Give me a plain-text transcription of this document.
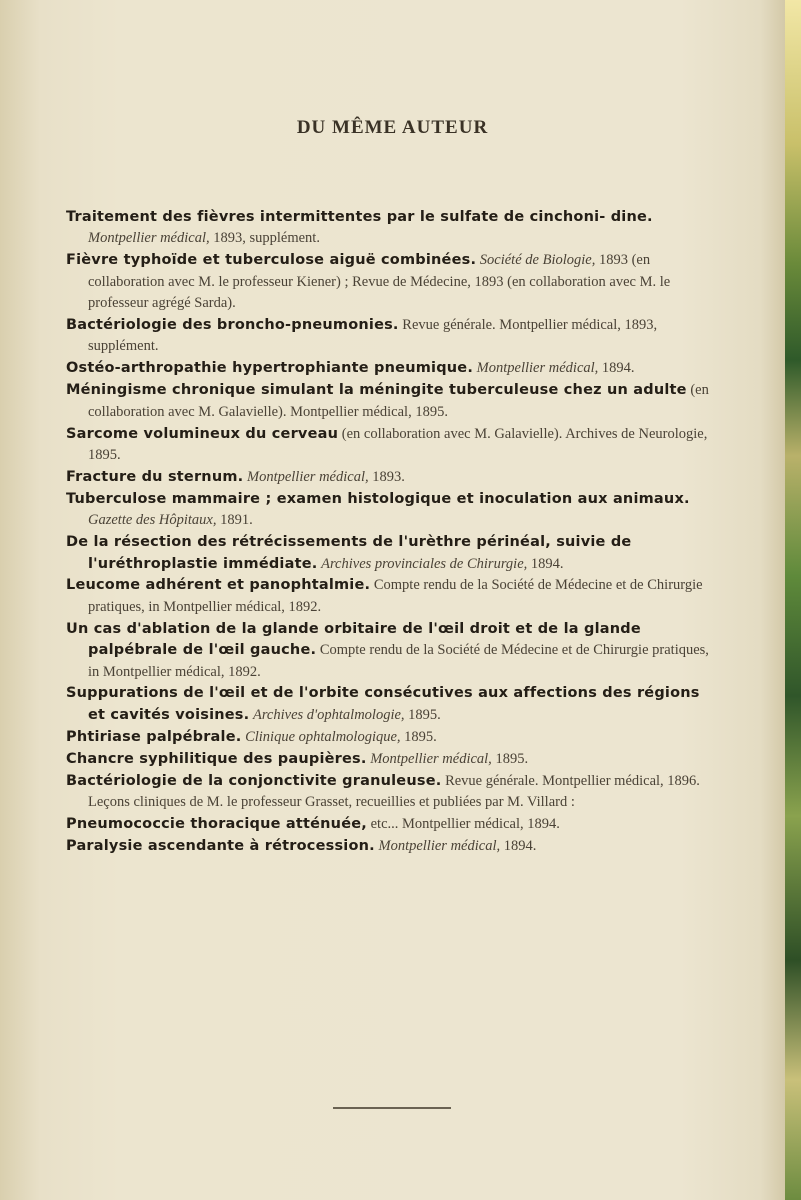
DU MÊME AUTEUR

Traitement des fièvres intermittentes par le sulfate de cinchoni- dine. Montpellier médical, 1893, supplément.

Fièvre typhoïde et tuberculose aiguë combinées. Société de Biologie, 1893 (en collaboration avec M. le professeur Kiener) ; Revue de Médecine, 1893 (en collaboration avec M. le professeur agrégé Sarda).

Bactériologie des broncho-pneumonies. Revue générale. Montpellier médical, 1893, supplément.

Ostéo-arthropathie hypertrophiante pneumique. Montpellier médical, 1894.

Méningisme chronique simulant la méningite tuberculeuse chez un adulte (en collaboration avec M. Galavielle). Montpellier médical, 1895.

Sarcome volumineux du cerveau (en collaboration avec M. Galavielle). Archives de Neurologie, 1895.

Fracture du sternum. Montpellier médical, 1893.

Tuberculose mammaire ; examen histologique et inoculation aux animaux. Gazette des Hôpitaux, 1891.

De la résection des rétrécissements de l'urèthre périnéal, suivie de l'uréthroplastie immédiate. Archives provinciales de Chirurgie, 1894.

Leucome adhérent et panophtalmie. Compte rendu de la Société de Médecine et de Chirurgie pratiques, in Montpellier médical, 1892.

Un cas d'ablation de la glande orbitaire de l'œil droit et de la glande palpébrale de l'œil gauche. Compte rendu de la Société de Médecine et de Chirurgie pratiques, in Montpellier médical, 1892.

Suppurations de l'œil et de l'orbite consécutives aux affections des régions et cavités voisines. Archives d'ophtalmologie, 1895.

Phtiriase palpébrale. Clinique ophtalmologique, 1895.

Chancre syphilitique des paupières. Montpellier médical, 1895.

Bactériologie de la conjonctivite granuleuse. Revue générale. Montpellier médical, 1896.

Leçons cliniques de M. le professeur Grasset, recueillies et publiées par M. Villard :

Pneumococcie thoracique atténuée, etc... Montpellier médical, 1894.

Paralysie ascendante à rétrocession. Montpellier médical, 1894.
